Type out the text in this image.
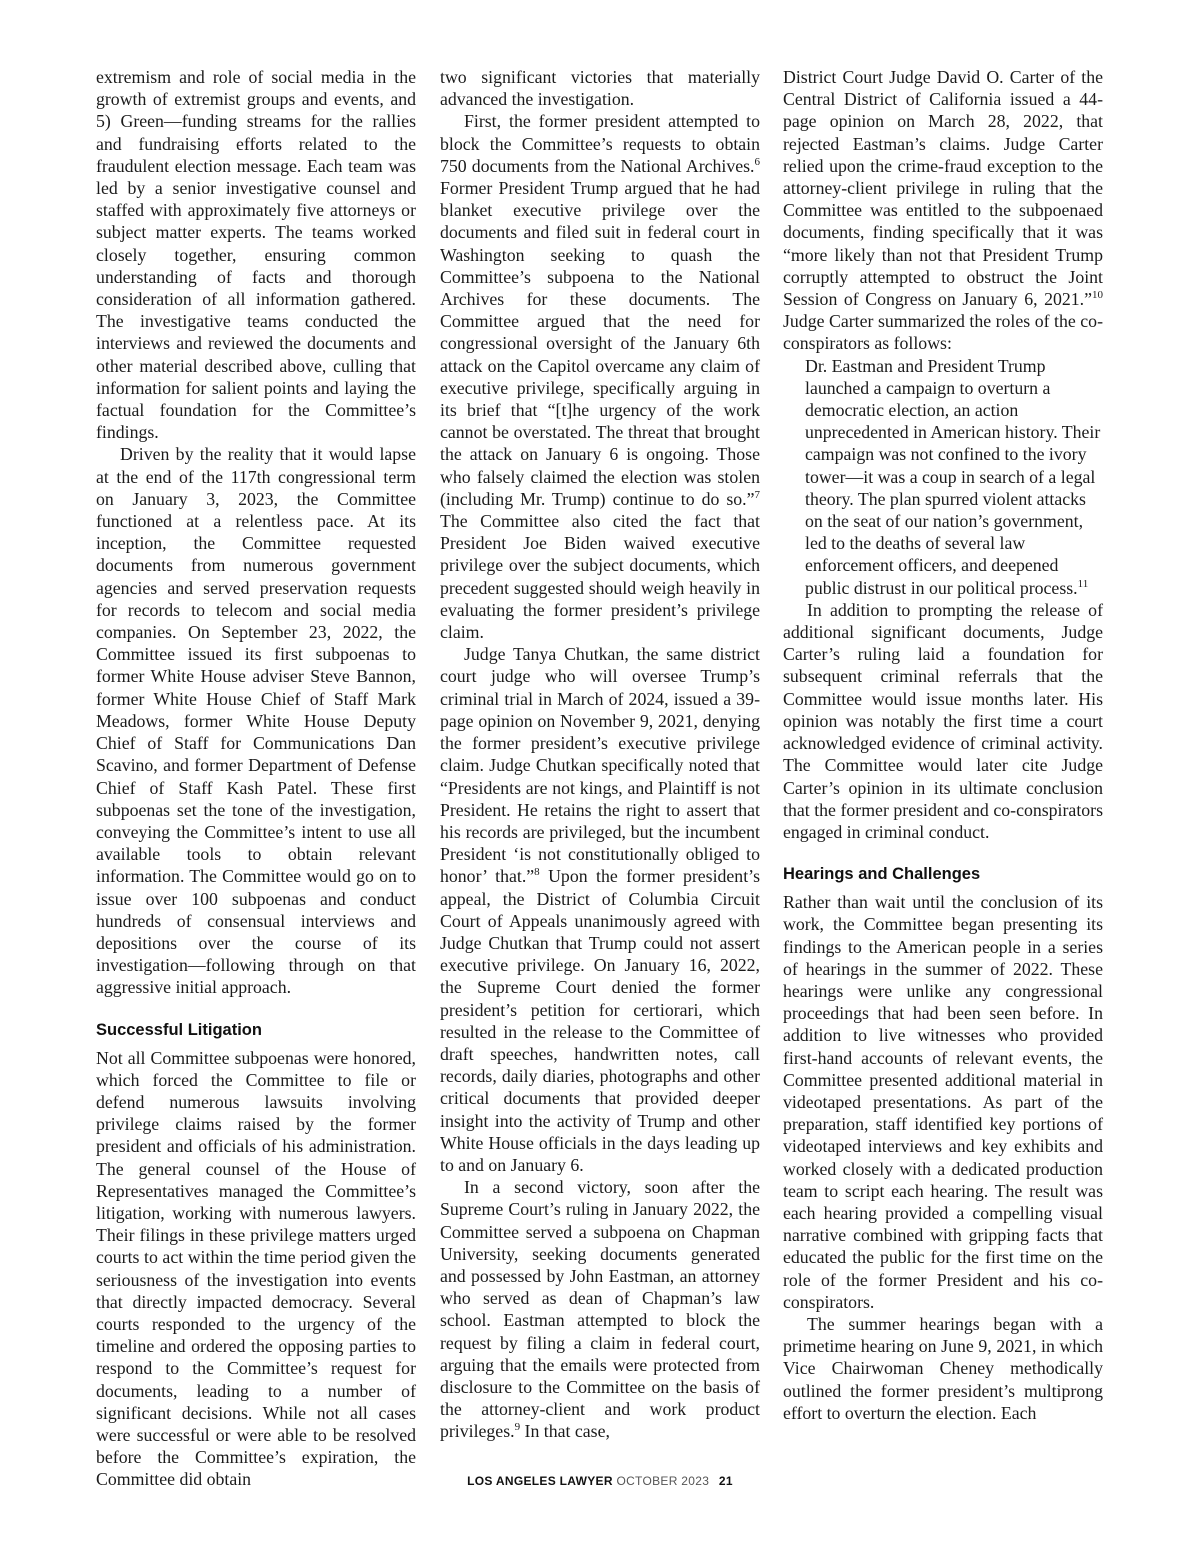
extremism and role of social media in the growth of extremist groups and events, and 5) Green—funding streams for the rallies and fundraising efforts related to the fraudulent election message. Each team was led by a senior investigative counsel and staffed with approximately five attorneys or subject matter experts. The teams worked closely together, ensuring common understanding of facts and thorough consideration of all information gathered. The investigative teams conducted the interviews and reviewed the documents and other material described above, culling that information for salient points and laying the factual foundation for the Committee’s findings.

Driven by the reality that it would lapse at the end of the 117th congressional term on January 3, 2023, the Committee functioned at a relentless pace. At its inception, the Committee requested documents from numerous government agencies and served preservation requests for records to telecom and social media companies. On September 23, 2022, the Committee issued its first subpoenas to former White House adviser Steve Bannon, former White House Chief of Staff Mark Meadows, former White House Deputy Chief of Staff for Communications Dan Scavino, and former Department of Defense Chief of Staff Kash Patel. These first subpoenas set the tone of the investigation, conveying the Committee’s intent to use all available tools to obtain relevant information. The Committee would go on to issue over 100 subpoenas and conduct hundreds of consensual interviews and depositions over the course of its investigation—following through on that aggressive initial approach.

Successful Litigation

Not all Committee subpoenas were honored, which forced the Committee to file or defend numerous lawsuits involving privilege claims raised by the former president and officials of his administration. The general counsel of the House of Representatives managed the Committee’s litigation, working with numerous lawyers. Their filings in these privilege matters urged courts to act within the time period given the seriousness of the investigation into events that directly impacted democracy. Several courts responded to the urgency of the timeline and ordered the opposing parties to respond to the Committee’s request for documents, leading to a number of significant decisions. While not all cases were successful or were able to be resolved before the Committee’s expiration, the Committee did obtain

two significant victories that materially advanced the investigation.

First, the former president attempted to block the Committee’s requests to obtain 750 documents from the National Archives.$^6$ Former President Trump argued that he had blanket executive privilege over the documents and filed suit in federal court in Washington seeking to quash the Committee’s subpoena to the National Archives for these documents. The Committee argued that the need for congressional oversight of the January 6th attack on the Capitol overcame any claim of executive privilege, specifically arguing in its brief that “[t]he urgency of the work cannot be overstated. The threat that brought the attack on January 6 is ongoing. Those who falsely claimed the election was stolen (including Mr. Trump) continue to do so.”$^7$ The Committee also cited the fact that President Joe Biden waived executive privilege over the subject documents, which precedent suggested should weigh heavily in evaluating the former president’s privilege claim.

Judge Tanya Chutkan, the same district court judge who will oversee Trump’s criminal trial in March of 2024, issued a 39-page opinion on November 9, 2021, denying the former president’s executive privilege claim. Judge Chutkan specifically noted that “Presidents are not kings, and Plaintiff is not President. He retains the right to assert that his records are privileged, but the incumbent President ‘is not constitutionally obliged to honor’ that.”$^8$ Upon the former president’s appeal, the District of Columbia Circuit Court of Appeals unanimously agreed with Judge Chutkan that Trump could not assert executive privilege. On January 16, 2022, the Supreme Court denied the former president’s petition for certiorari, which resulted in the release to the Committee of draft speeches, handwritten notes, call records, daily diaries, photographs and other critical documents that provided deeper insight into the activity of Trump and other White House officials in the days leading up to and on January 6.

In a second victory, soon after the Supreme Court’s ruling in January 2022, the Committee served a subpoena on Chapman University, seeking documents generated and possessed by John Eastman, an attorney who served as dean of Chapman’s law school. Eastman attempted to block the request by filing a claim in federal court, arguing that the emails were protected from disclosure to the Committee on the basis of the attorney-client and work product privileges.$^9$ In that case,

District Court Judge David O. Carter of the Central District of California issued a 44-page opinion on March 28, 2022, that rejected Eastman’s claims. Judge Carter relied upon the crime-fraud exception to the attorney-client privilege in ruling that the Committee was entitled to the subpoenaed documents, finding specifically that it was “more likely than not that President Trump corruptly attempted to obstruct the Joint Session of Congress on January 6, 2021.”$^{10}$ Judge Carter summarized the roles of the co-conspirators as follows:

Dr. Eastman and President Trump launched a campaign to overturn a democratic election, an action unprecedented in American history. Their campaign was not confined to the ivory tower—it was a coup in search of a legal theory. The plan spurred violent attacks on the seat of our nation’s government, led to the deaths of several law enforcement officers, and deepened public distrust in our political process.$^{11}$

In addition to prompting the release of additional significant documents, Judge Carter’s ruling laid a foundation for subsequent criminal referrals that the Committee would issue months later. His opinion was notably the first time a court acknowledged evidence of criminal activity. The Committee would later cite Judge Carter’s opinion in its ultimate conclusion that the former president and co-conspirators engaged in criminal conduct.

Hearings and Challenges

Rather than wait until the conclusion of its work, the Committee began presenting its findings to the American people in a series of hearings in the summer of 2022. These hearings were unlike any congressional proceedings that had been seen before. In addition to live witnesses who provided first-hand accounts of relevant events, the Committee presented additional material in videotaped presentations. As part of the preparation, staff identified key portions of videotaped interviews and key exhibits and worked closely with a dedicated production team to script each hearing. The result was each hearing provided a compelling visual narrative combined with gripping facts that educated the public for the first time on the role of the former President and his co-conspirators.

The summer hearings began with a primetime hearing on June 9, 2021, in which Vice Chairwoman Cheney methodically outlined the former president’s multiprong effort to overturn the election. Each

LOS ANGELES LAWYER OCTOBER 2023 21
